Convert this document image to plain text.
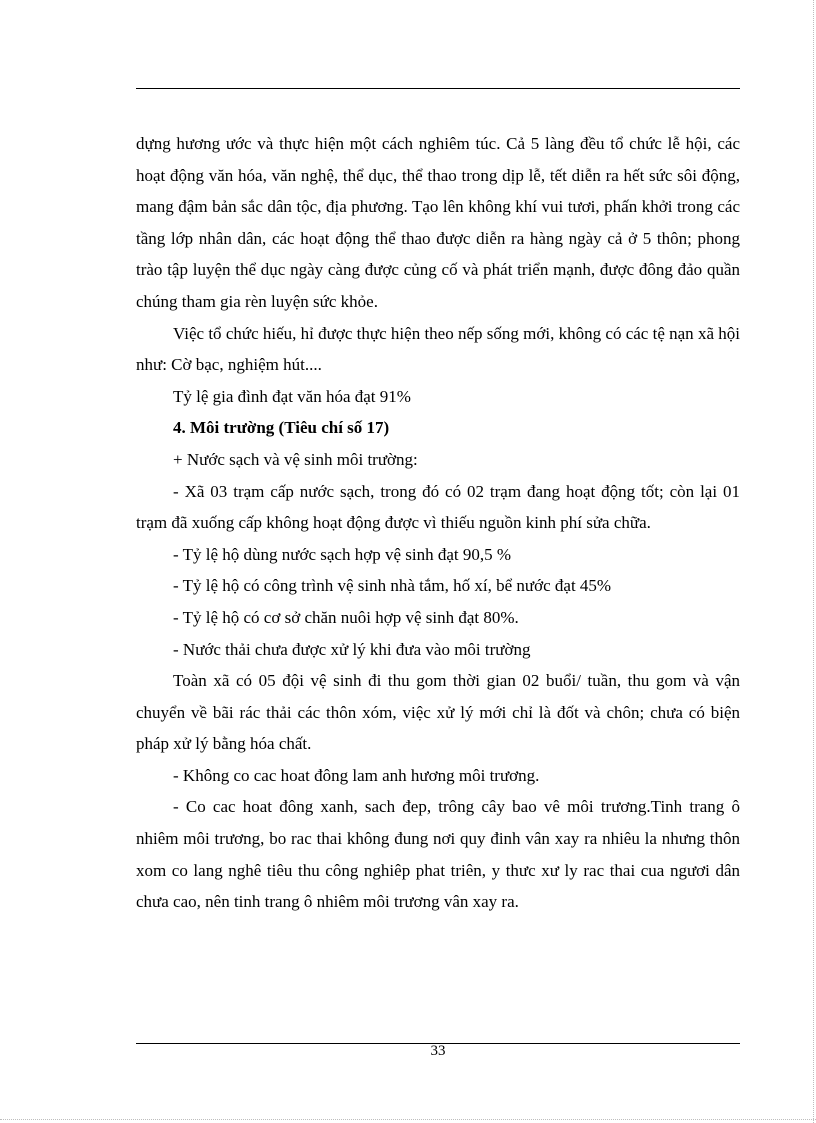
dựng hương ước và thực hiện một cách nghiêm túc. Cả 5 làng đều tổ chức lễ hội, các hoạt động văn hóa, văn nghệ, thể dục, thể thao trong dịp lễ, tết diễn ra hết sức sôi động, mang đậm bản sắc dân tộc, địa phương. Tạo lên không khí vui tươi, phấn khởi trong các tầng lớp nhân dân, các hoạt động thể thao được diễn ra hàng ngày cả ở 5 thôn; phong trào tập luyện thể dục ngày càng được củng cố và phát triển mạnh, được đông đảo quần chúng tham gia rèn luyện sức khỏe.

Việc tổ chức hiếu, hỉ được thực hiện theo nếp sống mới, không có các tệ nạn xã hội như: Cờ bạc, nghiệm hút....

Tỷ lệ gia đình đạt văn hóa đạt 91%

4. Môi trường (Tiêu chí số 17)

+ Nước sạch và vệ sinh môi trường:

- Xã 03 trạm cấp nước sạch, trong đó có 02 trạm đang hoạt động tốt; còn lại 01 trạm đã xuống cấp không hoạt động được vì thiếu nguồn kinh phí sửa chữa.

- Tỷ lệ hộ dùng nước sạch hợp vệ sinh đạt 90,5 %

- Tỷ lệ hộ có công trình vệ sinh nhà tắm, hố xí, bể nước đạt 45%

- Tỷ lệ hộ có cơ sở chăn nuôi hợp vệ sinh đạt 80%.

- Nước thải chưa được xử lý khi đưa vào môi trường

Toàn xã có 05 đội vệ sinh đi thu gom thời gian 02 buổi/ tuần, thu gom và vận chuyển về bãi rác thải các thôn xóm, việc xử lý mới chỉ là đốt và chôn; chưa có biện pháp xử lý bằng hóa chất.

- Không co cac hoat đông lam anh hương môi trương.

- Co cac hoat đông xanh, sach đep, trông cây bao vê môi trương.Tinh trang ô nhiêm môi trương, bo rac thai không đung nơi quy đinh vân xay ra nhiêu la nhưng thôn xom co lang nghê tiêu thu công nghiêp phat triên, y thưc xư ly rac thai cua ngươi dân chưa cao, nên tinh trang ô nhiêm môi trương vân xay ra.

33
